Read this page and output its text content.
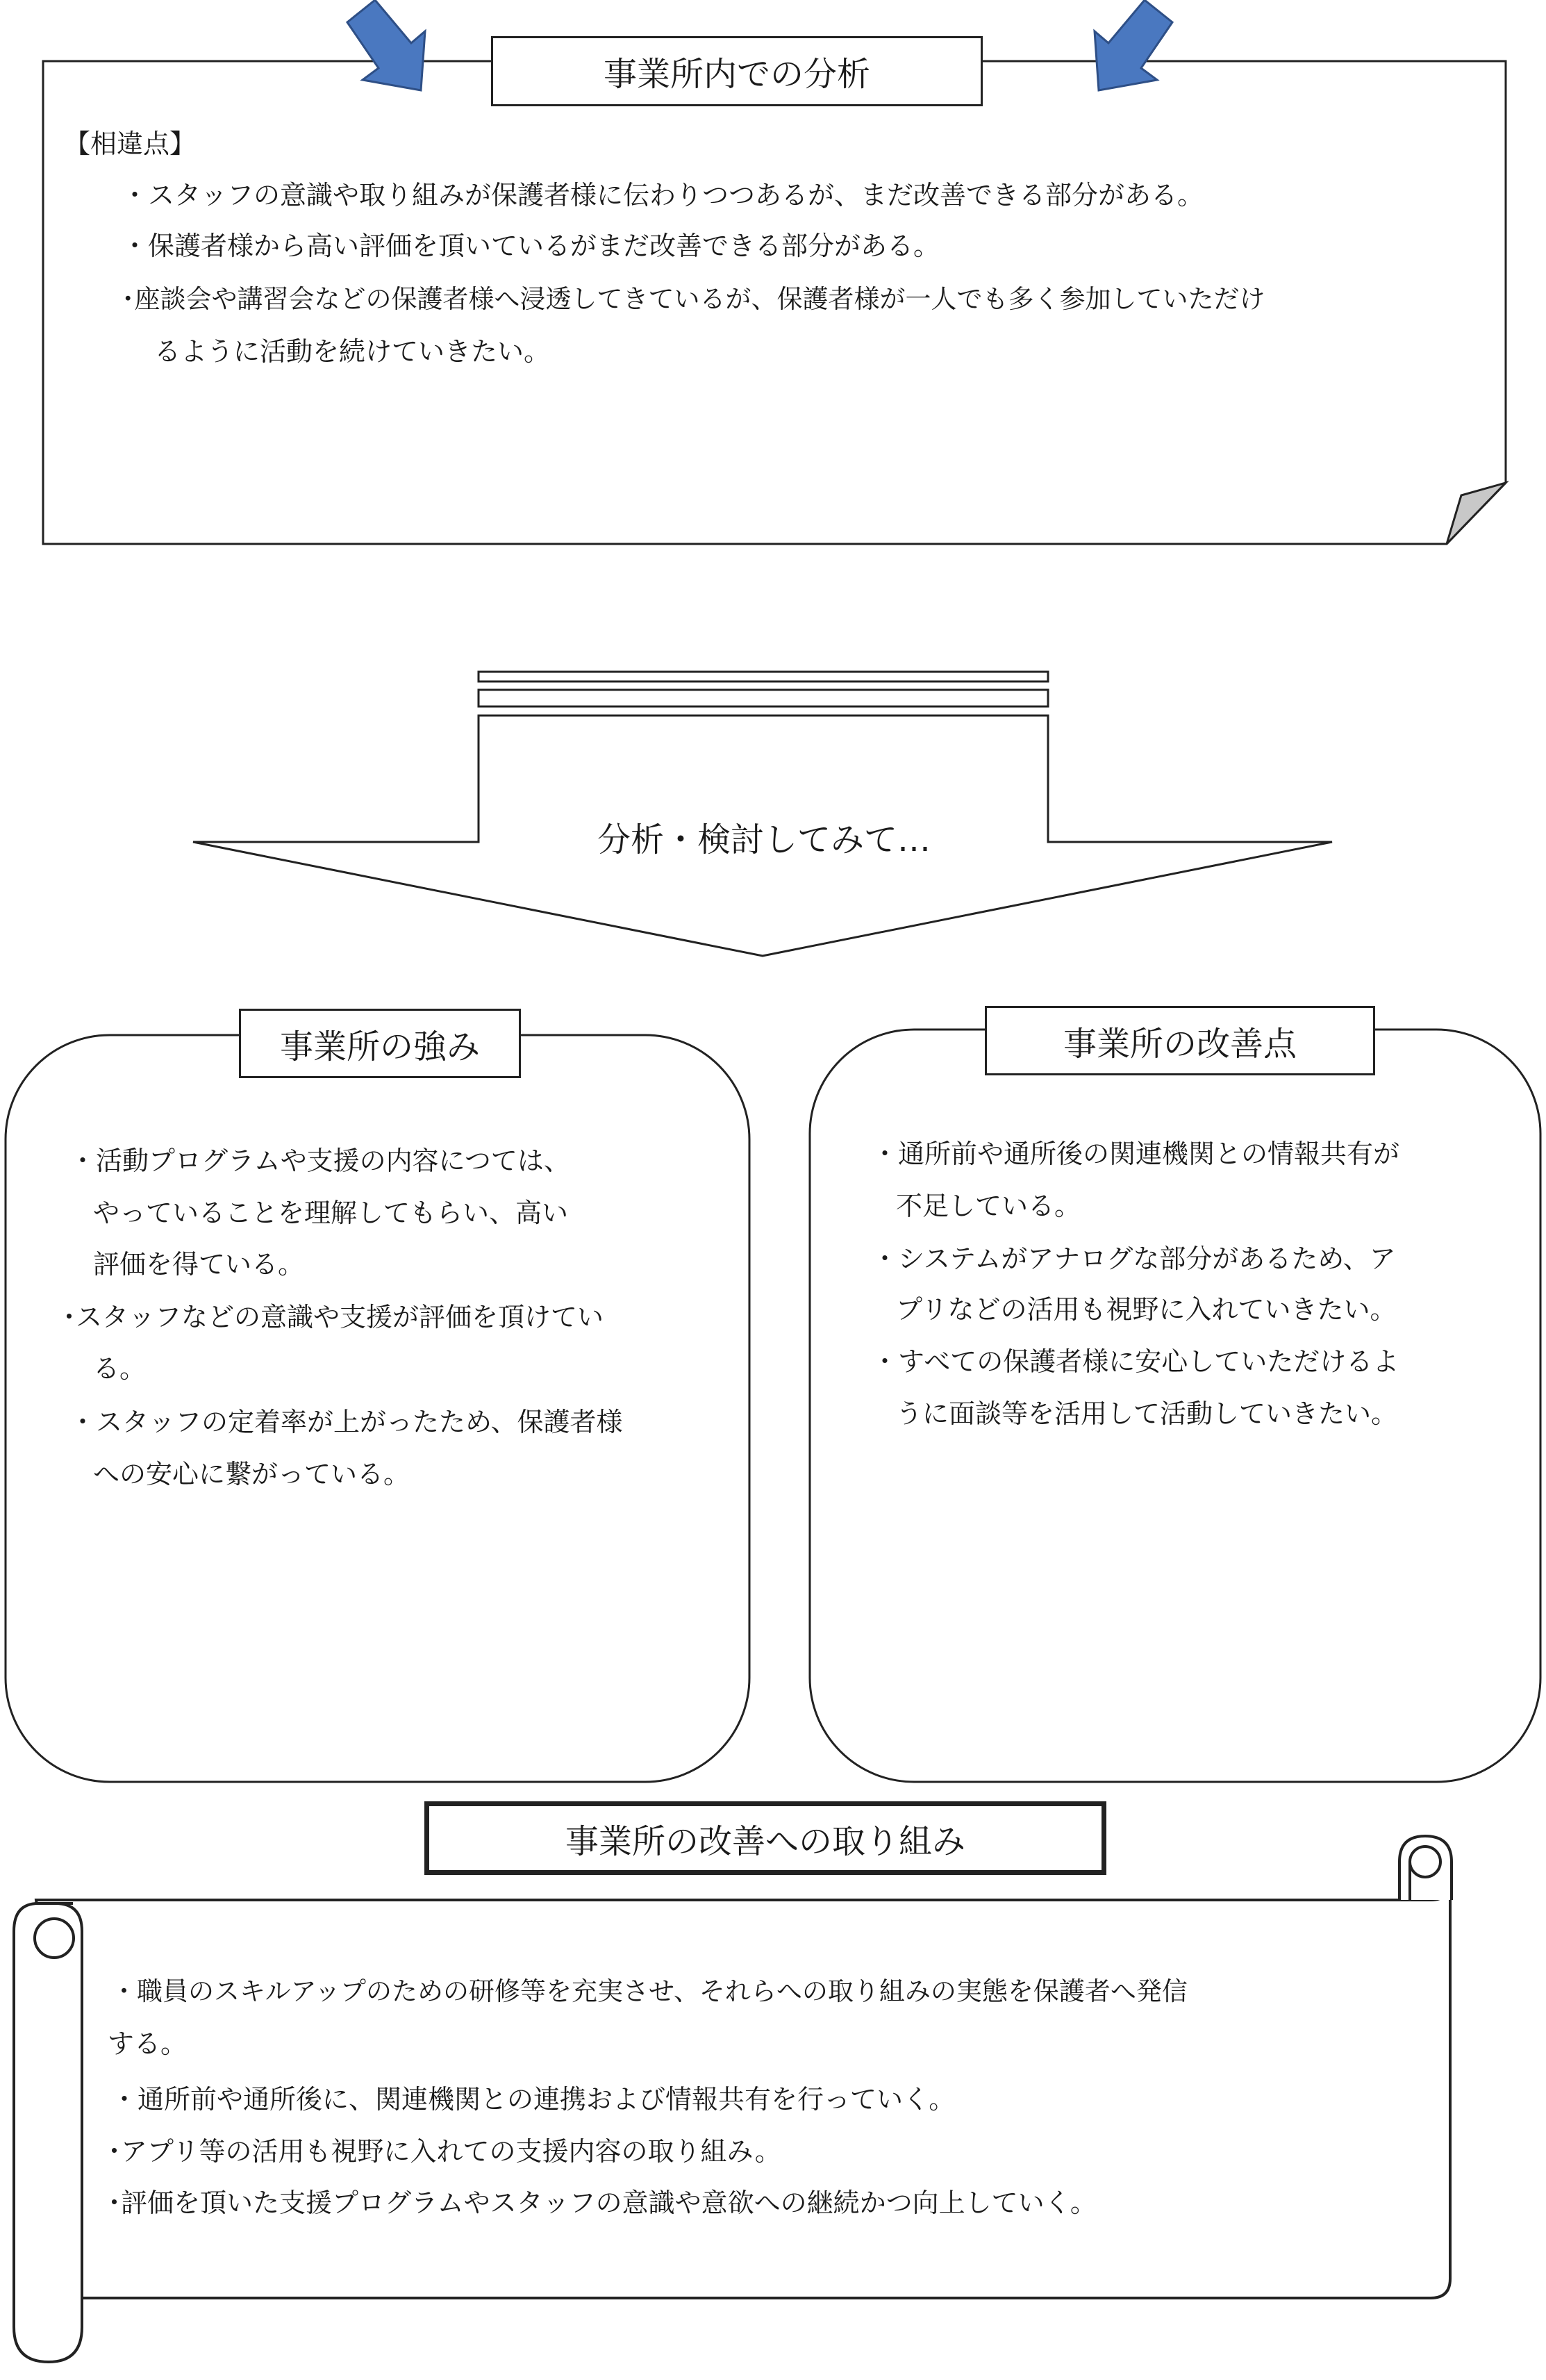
事業所内での分析
【相違点】
・スタッフの意識や取り組みが保護者様に伝わりつつあるが、まだ改善できる部分がある。
・保護者様から高い評価を頂いているがまだ改善できる部分がある。
･座談会や講習会などの保護者様へ浸透してきているが、保護者様が一人でも多く参加していただけ
るように活動を続けていきたい。
分析・検討してみて…
事業所の強み
・活動プログラムや支援の内容につては、
やっていることを理解してもらい、高い
評価を得ている。
･スタッフなどの意識や支援が評価を頂けてい
る。
・スタッフの定着率が上がったため、保護者様
への安心に繋がっている。
事業所の改善点
・通所前や通所後の関連機関との情報共有が
不足している。
・システムがアナログな部分があるため、ア
プリなどの活用も視野に入れていきたい。
・すべての保護者様に安心していただけるよ
うに面談等を活用して活動していきたい。
事業所の改善への取り組み
・職員のスキルアップのための研修等を充実させ、それらへの取り組みの実態を保護者へ発信
する。
・通所前や通所後に、関連機関との連携および情報共有を行っていく。
･アプリ等の活用も視野に入れての支援内容の取り組み。
･評価を頂いた支援プログラムやスタッフの意識や意欲への継続かつ向上していく。
